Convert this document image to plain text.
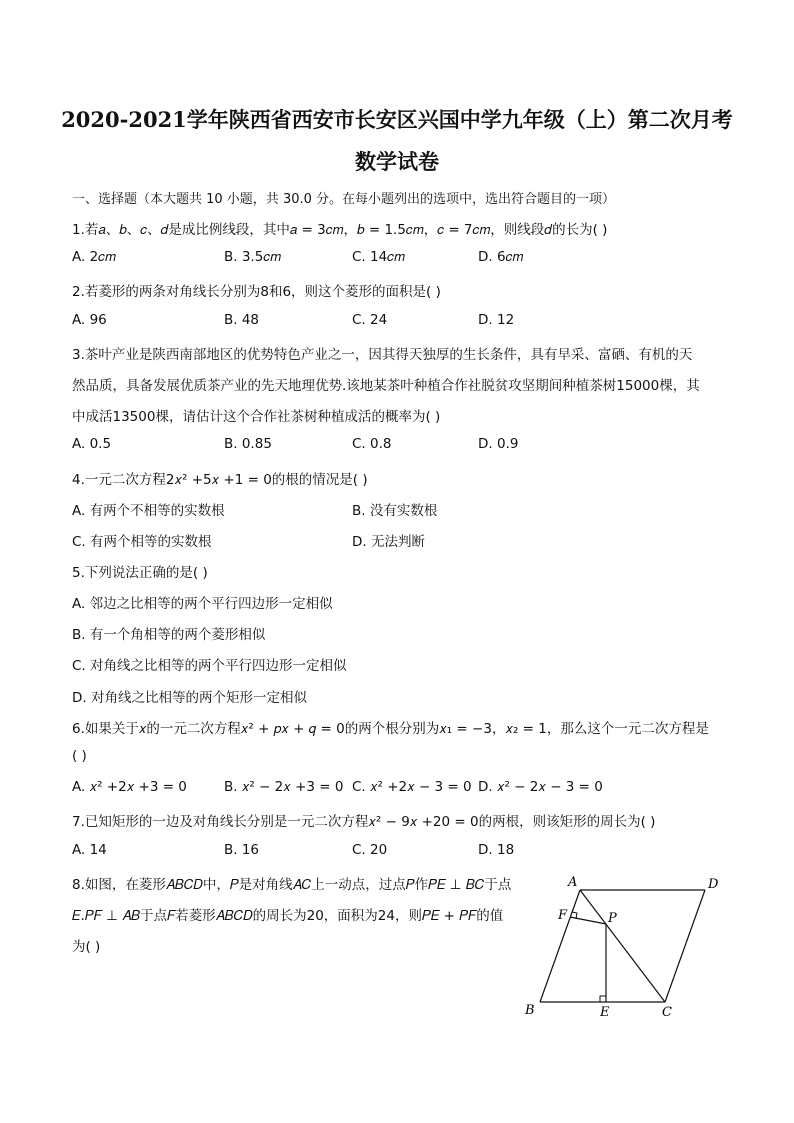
2020-2021学年陕西省西安市长安区兴国中学九年级（上）第二次月考
数学试卷
一、选择题（本大题共 10 小题，共 30.0 分。在每小题列出的选项中，选出符合题目的一项）
1.若𝑎、𝑏、𝑐、𝑑是成比例线段，其中𝑎 = 3𝑐𝑚，𝑏 = 1.5𝑐𝑚，𝑐 = 7𝑐𝑚，则线段𝑑的长为( )
A. 2𝑐𝑚	B. 3.5𝑐𝑚	C. 14𝑐𝑚	D. 6𝑐𝑚
2.若菱形的两条对角线长分别为8和6，则这个菱形的面积是( )
A. 96	B. 48	C. 24	D. 12
3.茶叶产业是陕西南部地区的优势特色产业之一，因其得天独厚的生长条件，具有早采、富硒、有机的天
然品质，具备发展优质茶产业的先天地理优势.该地某茶叶种植合作社脱贫攻坚期间种植茶树15000棵，其
中成活13500棵，请估计这个合作社茶树种植成活的概率为( )
A. 0.5	B. 0.85	C. 0.8	D. 0.9
4.一元二次方程2𝑥² +5𝑥 +1 = 0的根的情况是( )
A. 有两个不相等的实数根	B. 没有实数根
C. 有两个相等的实数根	D. 无法判断
5.下列说法正确的是( )
A. 邻边之比相等的两个平行四边形一定相似
B. 有一个角相等的两个菱形相似
C. 对角线之比相等的两个平行四边形一定相似
D. 对角线之比相等的两个矩形一定相似
6.如果关于𝑥的一元二次方程𝑥² + 𝑝𝑥 + 𝑞 = 0的两个根分别为𝑥₁ = −3，𝑥₂ = 1，那么这个一元二次方程是
( )
A. 𝑥² +2𝑥 +3 = 0	B. 𝑥² − 2𝑥 +3 = 0 C. 𝑥² +2𝑥 − 3 = 0 D. 𝑥² − 2𝑥 − 3 = 0
7.已知矩形的一边及对角线长分别是一元二次方程𝑥² − 9𝑥 +20 = 0的两根，则该矩形的周长为( )
A. 14	B. 16	C. 20	D. 18
8.如图，在菱形𝐴𝐵𝐶𝐷中，𝑃是对角线𝐴𝐶上一动点，过点𝑃作𝑃𝐸 ⊥ 𝐵𝐶于点
𝐸.𝑃𝐹 ⊥ 𝐴𝐵于点𝐹若菱形𝐴𝐵𝐶𝐷的周长为20，面积为24，则𝑃𝐸 + 𝑃𝐹的值
为( )
A	D
B	C
E
F	P
